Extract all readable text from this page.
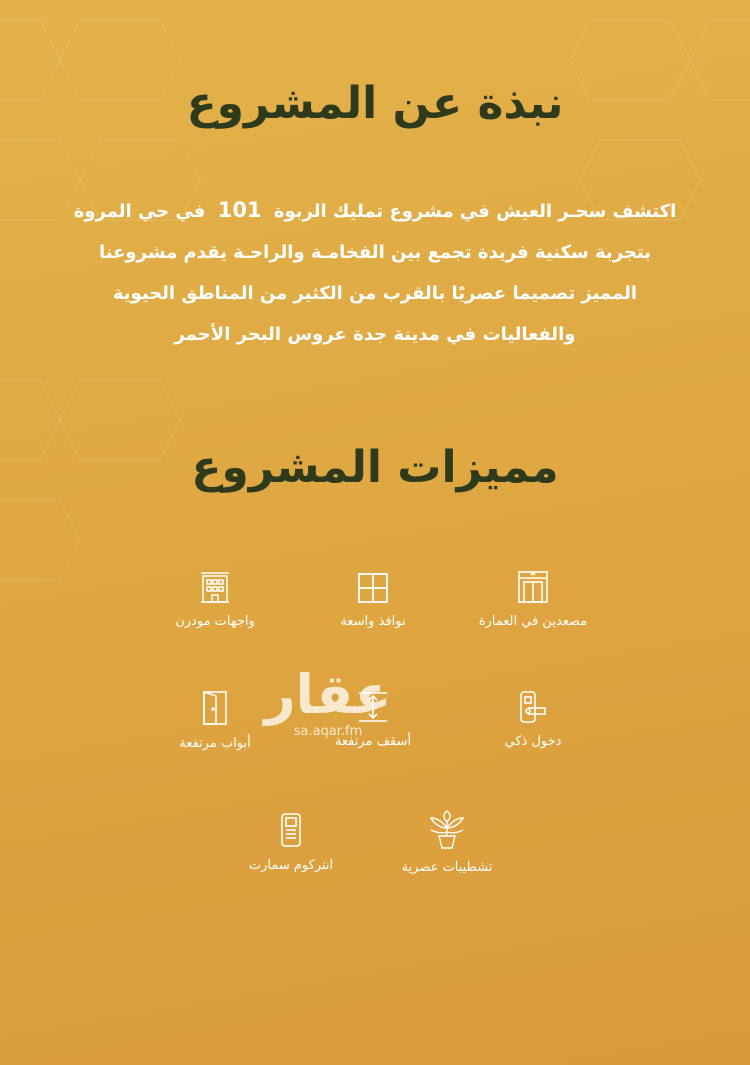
نبذة عن المشروع

اكتشف سحـر العيش في مشروع تمليك الربوة 101 في حي المروة

بتجربة سكنية فريدة تجمع بين الفخامـة والراحـة يقدم مشروعنا

المميز تصميما عصريًا بالقرب من الكثير من المناطق الحيوية

والفعاليات في مدينة جدة عروس البحر الأحمر

مميزات المشروع
مصعدين في العمارة
نوافذ واسعة
واجهات مودرن
دخول ذكي
أسقف مرتفعة
أبواب مرتفعة
تشطيبات عصرية
انتركوم سمارت
عقار
sa.aqar.fm
